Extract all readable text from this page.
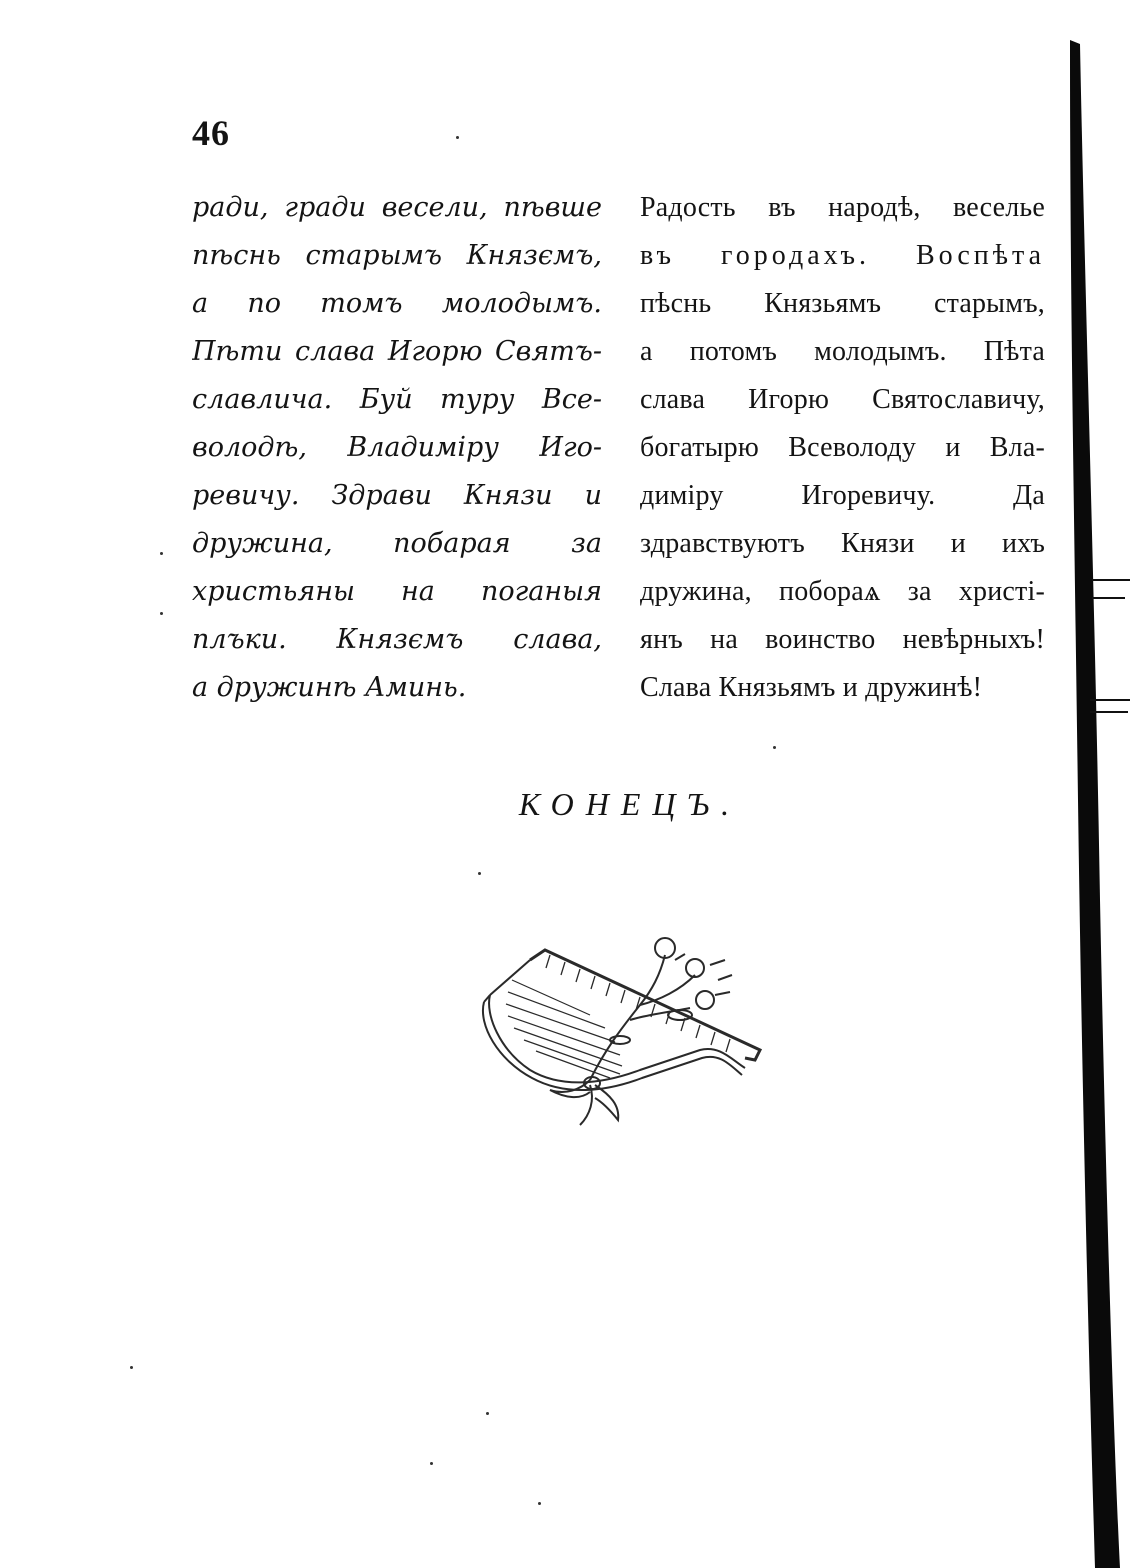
46
ради, гради весели, пѣвше
пѣснь старымъ Князємъ,
а по томъ молодымъ.
Пѣти слава Игорю Святъ-
славлича. Буй туру Все-
володѣ, Владимiру Иго-
ревичу. Здрави Князи и
дружина, побарая за
христьяны на поганыя
плъки. Князємъ слава,
а дружинѣ Аминь.
Радость въ народѣ, веселье
въ городахъ. Воспѣта
пѣснь Князьямъ старымъ,
а потомъ молодымъ. Пѣта
слава Игорю Святославичу,
богатырю Всеволоду и Вла-
димiру	Игоревичу.	Да
здравствуютъ Князи и ихъ
дружина, побораѧ за христi-
янъ на воинство невѣрныхъ!
Слава Князьямъ и дружинѣ!
КОНЕЦЪ.
